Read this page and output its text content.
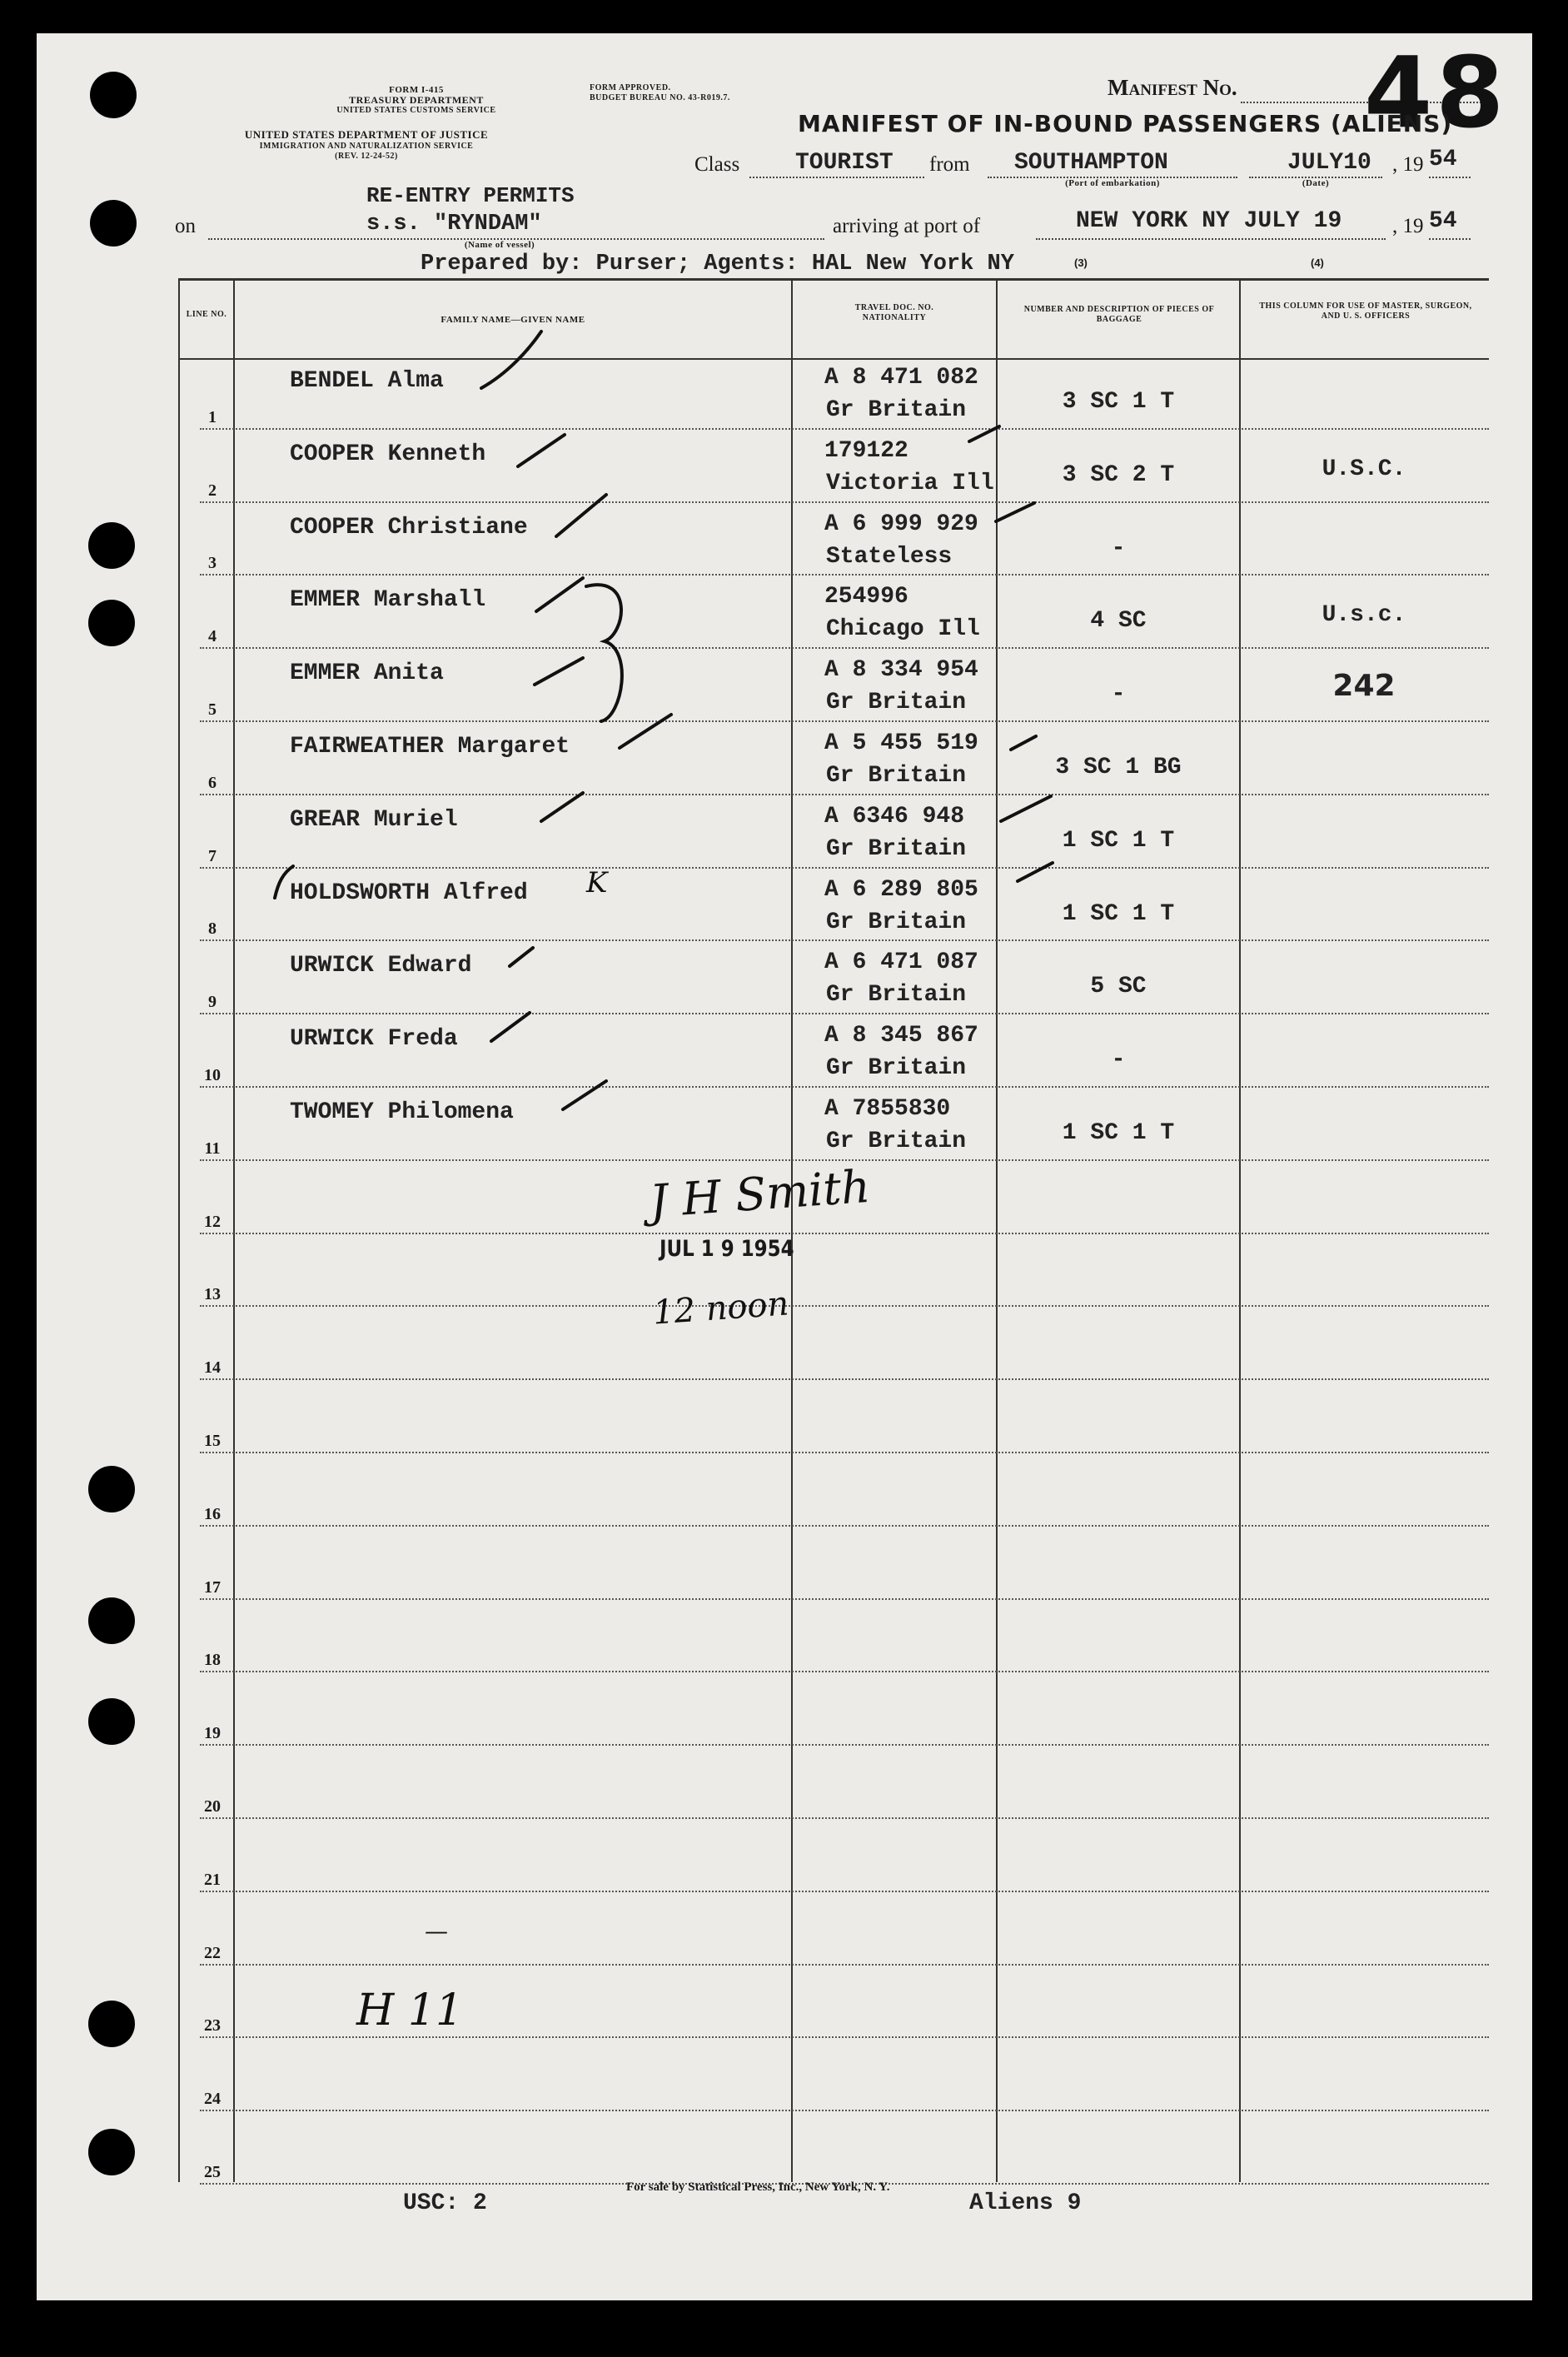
FORM I-415
TREASURY DEPARTMENT
UNITED STATES CUSTOMS SERVICE
UNITED STATES DEPARTMENT OF JUSTICE
IMMIGRATION AND NATURALIZATION SERVICE
(REV. 12-24-52)
FORM APPROVED.
BUDGET BUREAU NO. 43-R019.7.	Manifest No. 48
MANIFEST OF IN-BOUND PASSENGERS (ALIENS)
Class TOURIST from SOUTHAMPTON
(Port of embarkation)
JULY10
(Date)
, 19 54
RE-ENTRY PERMITS
on	s.s. "RYNDAM"
(Name of vessel)
arriving at port of	NEW YORK NY JULY 19 , 19 54
Prepared by: Purser; Agents: HAL New York NY	(3)	(4)
LINE NO.
FAMILY NAME—GIVEN NAME
TRAVEL DOC. NO. NATIONALITY
NUMBER AND DESCRIPTION OF PIECES OF BAGGAGE
THIS COLUMN FOR USE OF MASTER, SURGEON, AND U. S. OFFICERS
1
BENDEL Alma	A 8 471 082
Gr Britain	3 SC 1 T
2
COOPER Kenneth	179122
Victoria Ill	3 SC 2 T	U.S.C.
3
COOPER Christiane	A 6 999 929
Stateless	-
4
EMMER Marshall	254996
Chicago Ill	4 SC	U.s.c.
5
EMMER Anita	A 8 334 954
Gr Britain	-	242
6
FAIRWEATHER Margaret	A 5 455 519
Gr Britain	3 SC 1 BG
7
GREAR Muriel	A 6346 948
Gr Britain	1 SC 1 T
8
HOLDSWORTH Alfred	A 6 289 805
Gr Britain	1 SC 1 T
9
URWICK Edward	A 6 471 087
Gr Britain	5 SC
10
URWICK Freda	A 8 345 867
Gr Britain	-
11
TWOMEY Philomena	A 7855830
Gr Britain	1 SC 1 T
12
13
14
15
16
17
18
19
20
21
22
23
24
25
J H Smith
JUL 1 9 1954
12 noon
K
—
H 11
USC: 2
For sale by Statistical Press, Inc., New York, N. Y.
Aliens 9
